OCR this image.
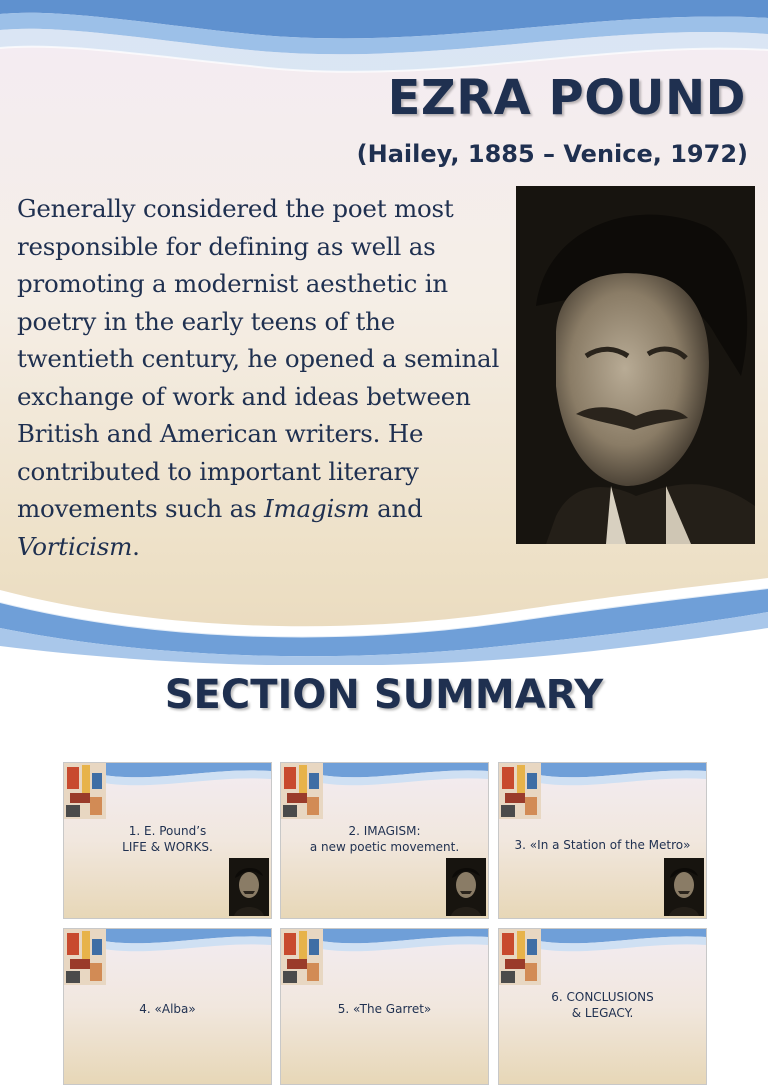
EZRA POUND
(Hailey, 1885 – Venice, 1972)

Generally considered the poet most responsible for defining as well as promoting a modernist aesthetic in poetry in the early teens of the twentieth century, he opened a seminal exchange of work and ideas between British and American writers. He contributed to important literary movements such as Imagism and Vorticism.

SECTION SUMMARY
1. E. Pound’s
LIFE & WORKS.
2. IMAGISM:
a new poetic movement.	3. «In a Station of the Metro»
4. «Alba»	5. «The Garret»
6. CONCLUSIONS
& LEGACY.
